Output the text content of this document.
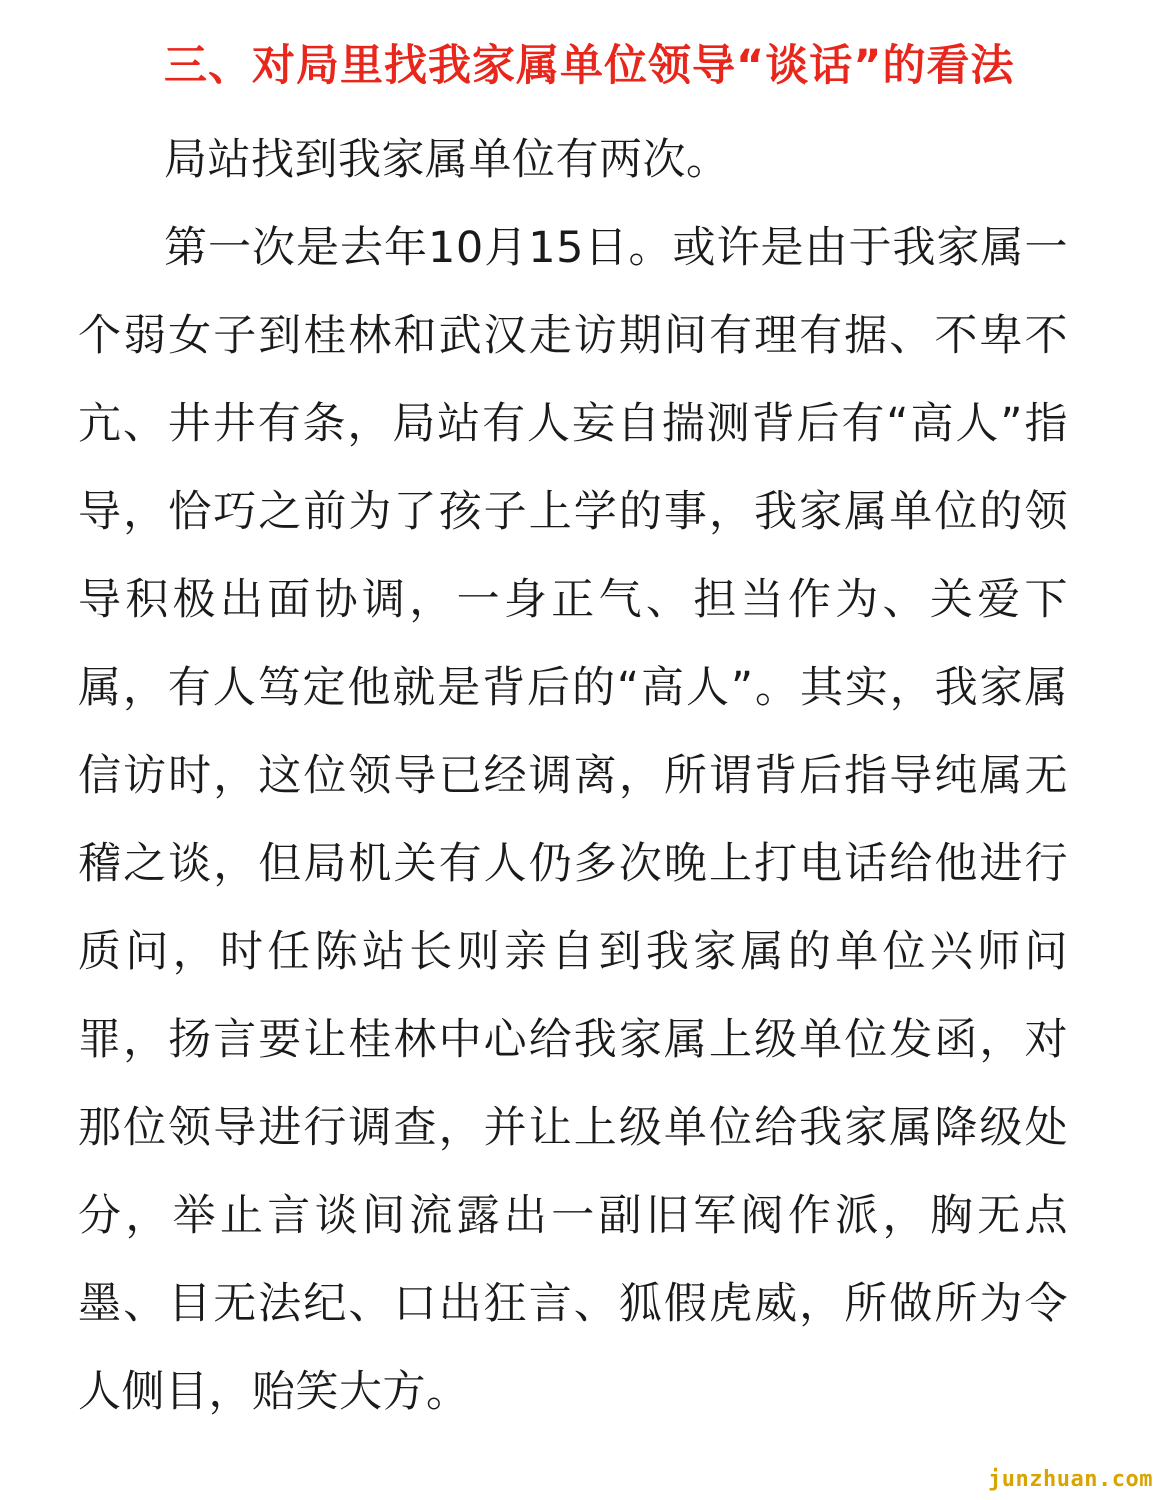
三、对局里找我家属单位领导“谈话”的看法

局站找到我家属单位有两次。

第一次是去年10月15日。或许是由于我家属一个弱女子到桂林和武汉走访期间有理有据、不卑不亢、井井有条，局站有人妄自揣测背后有“高人”指导，恰巧之前为了孩子上学的事，我家属单位的领导积极出面协调，一身正气、担当作为、关爱下属，有人笃定他就是背后的“高人”。其实，我家属信访时，这位领导已经调离，所谓背后指导纯属无稽之谈，但局机关有人仍多次晚上打电话给他进行质问，时任陈站长则亲自到我家属的单位兴师问罪，扬言要让桂林中心给我家属上级单位发函，对那位领导进行调查，并让上级单位给我家属降级处分，举止言谈间流露出一副旧军阀作派，胸无点墨、目无法纪、口出狂言、狐假虎威，所做所为令人侧目，贻笑大方。

junzhuan.com
